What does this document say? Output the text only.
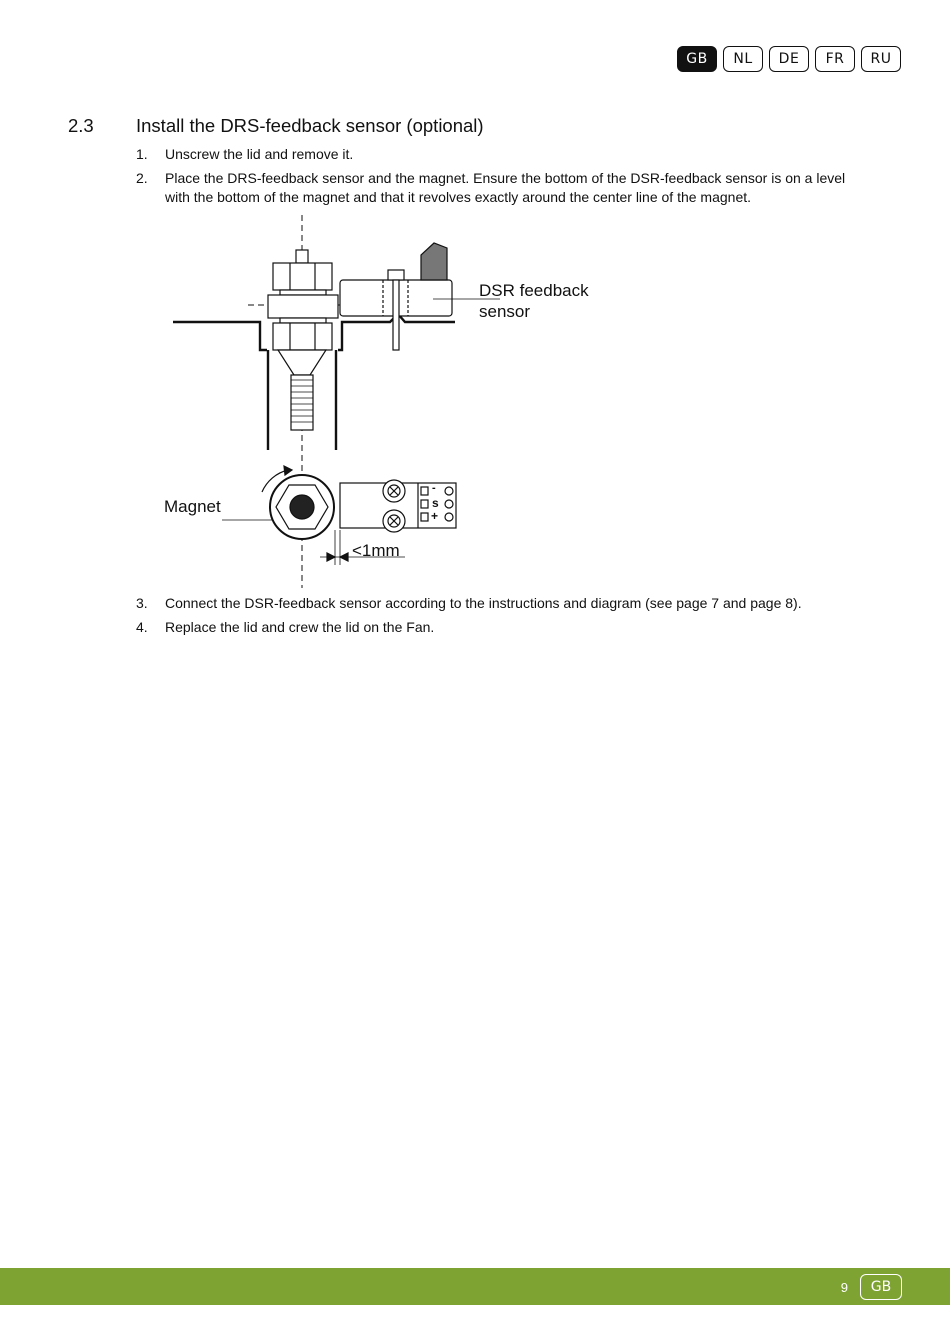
GB	NL	DE	FR	RU
2.3 Install the DRS-feedback sensor (optional)
1.	Unscrew the lid and remove it.
2.	Place the DRS-feedback sensor and the magnet. Ensure the bottom of the DSR-feedback sensor is on a level with the bottom of the magnet and that it revolves exactly around the center line of the magnet.
DSR feedback
sensor
Magnet
<1mm
-
s
+
3.	Connect the DSR-feedback sensor according to the instructions and diagram (see page 7 and page 8).
4.	Replace the lid and crew the lid on the Fan.
9	GB
